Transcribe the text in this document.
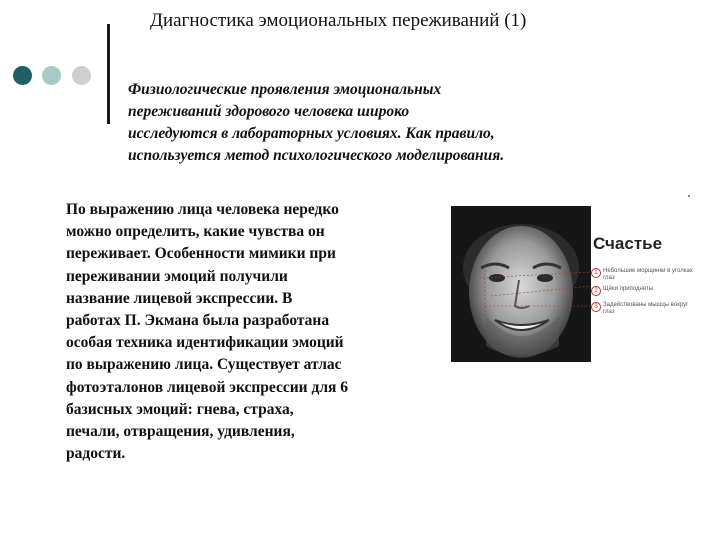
Диагностика эмоциональных переживаний (1)
Физиологические проявления эмоциональных
переживаний здорового человека широко
исследуются в лабораторных условиях. Как правило,
используется метод психологического моделирования.
По выражению лица человека нередко
можно определить, какие чувства он
переживает. Особенности мимики при
переживании эмоций получили
название лицевой экспрессии. В
работах П. Экмана была разработана
особая техника идентификации эмоций
по выражению лица. Существует атлас
фотоэталонов лицевой экспрессии для 6
базисных эмоций: гнева, страха,
печали, отвращения, удивления,
радости.
Счастье
1 Небольшие морщинки в уголках глаз
2 Щёки приподняты
3 Задействованы мышцы вокруг глаз
